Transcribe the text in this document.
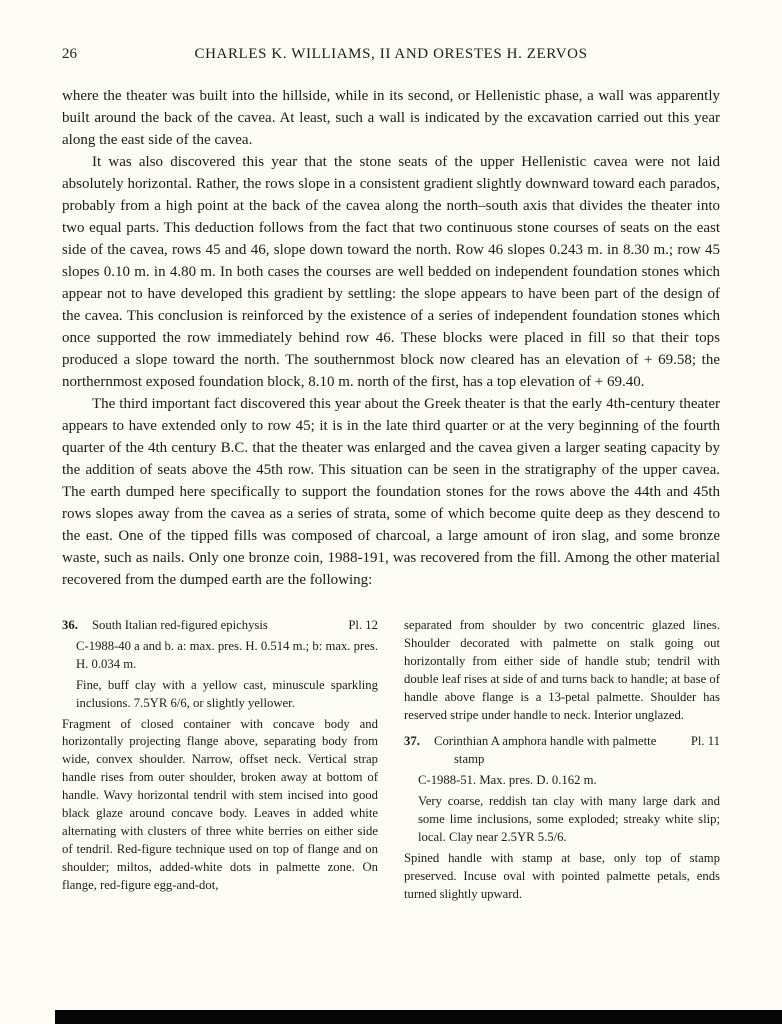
26	CHARLES K. WILLIAMS, II AND ORESTES H. ZERVOS

where the theater was built into the hillside, while in its second, or Hellenistic phase, a wall was apparently built around the back of the cavea. At least, such a wall is indicated by the excavation carried out this year along the east side of the cavea.

It was also discovered this year that the stone seats of the upper Hellenistic cavea were not laid absolutely horizontal. Rather, the rows slope in a consistent gradient slightly downward toward each parados, probably from a high point at the back of the cavea along the north–south axis that divides the theater into two equal parts. This deduction follows from the fact that two continuous stone courses of seats on the east side of the cavea, rows 45 and 46, slope down toward the north. Row 46 slopes 0.243 m. in 8.30 m.; row 45 slopes 0.10 m. in 4.80 m. In both cases the courses are well bedded on independent foundation stones which appear not to have developed this gradient by settling: the slope appears to have been part of the design of the cavea. This conclusion is reinforced by the existence of a series of independent foundation stones which once supported the row immediately behind row 46. These blocks were placed in fill so that their tops produced a slope toward the north. The southernmost block now cleared has an elevation of + 69.58; the northernmost exposed foundation block, 8.10 m. north of the first, has a top elevation of + 69.40.

The third important fact discovered this year about the Greek theater is that the early 4th-century theater appears to have extended only to row 45; it is in the late third quarter or at the very beginning of the fourth quarter of the 4th century B.C. that the theater was enlarged and the cavea given a larger seating capacity by the addition of seats above the 45th row. This situation can be seen in the stratigraphy of the upper cavea. The earth dumped here specifically to support the foundation stones for the rows above the 44th and 45th rows slopes away from the cavea as a series of strata, some of which become quite deep as they descend to the east. One of the tipped fills was composed of charcoal, a large amount of iron slag, and some bronze waste, such as nails. Only one bronze coin, 1988-191, was recovered from the fill. Among the other material recovered from the dumped earth are the following:

36.	South Italian red-figured epichysis	Pl. 12

C-1988-40 a and b. a: max. pres. H. 0.514 m.; b: max. pres. H. 0.034 m.

Fine, buff clay with a yellow cast, minuscule sparkling inclusions. 7.5YR 6/6, or slightly yellower.

Fragment of closed container with concave body and horizontally projecting flange above, separating body from wide, convex shoulder. Narrow, offset neck. Vertical strap handle rises from outer shoulder, broken away at bottom of handle. Wavy horizontal tendril with stem incised into good black glaze around concave body. Leaves in added white alternating with clusters of three white berries on either side of tendril. Red-figure technique used on top of flange and on shoulder; miltos, added-white dots in palmette zone. On flange, red-figure egg-and-dot,

separated from shoulder by two concentric glazed lines. Shoulder decorated with palmette on stalk going out horizontally from either side of handle stub; tendril with double leaf rises at side of and turns back to handle; at base of handle above flange is a 13-petal palmette. Shoulder has reserved stripe under handle to neck. Interior unglazed.

37.	Corinthian A amphora handle with palmette stamp
Pl. 11

C-1988-51. Max. pres. D. 0.162 m.

Very coarse, reddish tan clay with many large dark and some lime inclusions, some exploded; streaky white slip; local. Clay near 2.5YR 5.5/6.

Spined handle with stamp at base, only top of stamp preserved. Incuse oval with pointed palmette petals, ends turned slightly upward.
